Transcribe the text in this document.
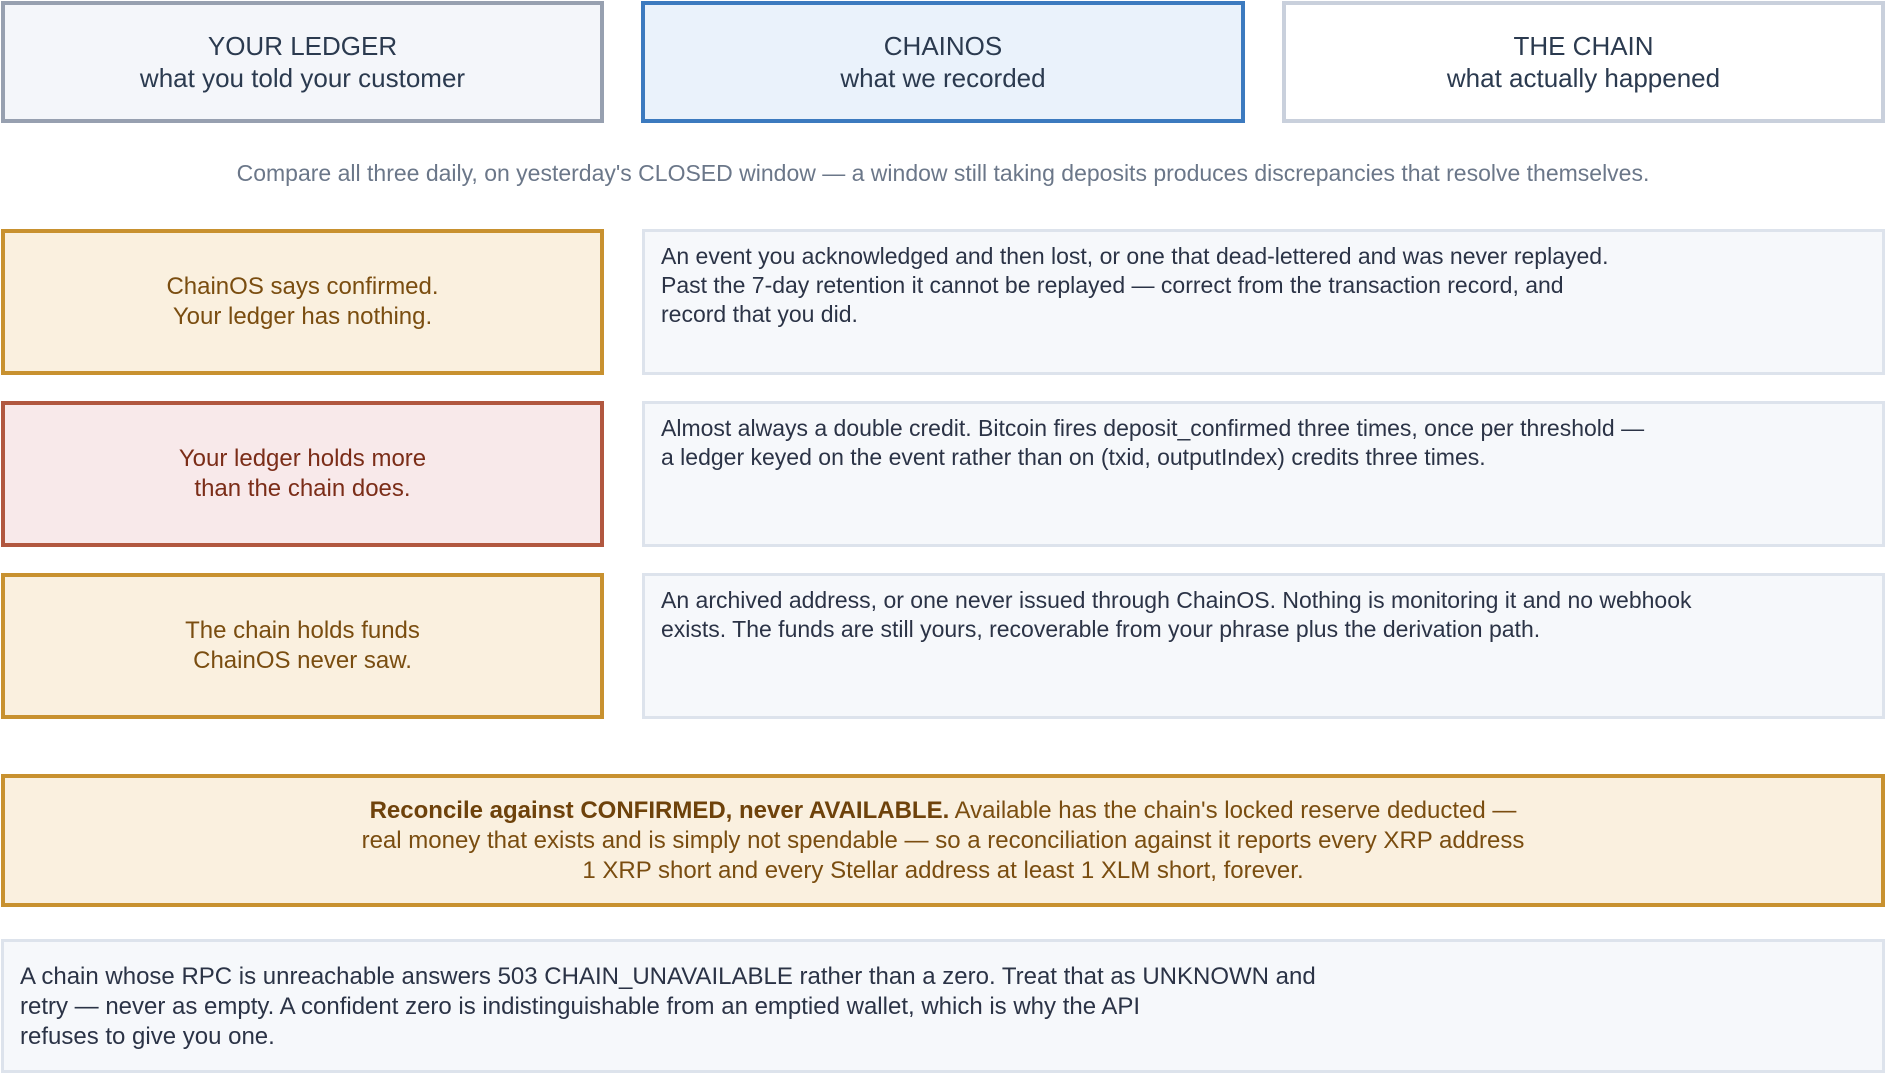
YOUR LEDGER
what you told your customer
CHAINOS
what we recorded
THE CHAIN
what actually happened
Compare all three daily, on yesterday's CLOSED window — a window still taking deposits produces discrepancies that resolve themselves.
ChainOS says confirmed.
Your ledger has nothing.
An event you acknowledged and then lost, or one that dead-lettered and was never replayed.
Past the 7-day retention it cannot be replayed — correct from the transaction record, and
record that you did.
Your ledger holds more
than the chain does.
Almost always a double credit. Bitcoin fires deposit_confirmed three times, once per threshold —
a ledger keyed on the event rather than on (txid, outputIndex) credits three times.
The chain holds funds
ChainOS never saw.
An archived address, or one never issued through ChainOS. Nothing is monitoring it and no webhook
exists. The funds are still yours, recoverable from your phrase plus the derivation path.
Reconcile against CONFIRMED, never AVAILABLE. Available has the chain's locked reserve deducted —
real money that exists and is simply not spendable — so a reconciliation against it reports every XRP address
1 XRP short and every Stellar address at least 1 XLM short, forever.
A chain whose RPC is unreachable answers 503 CHAIN_UNAVAILABLE rather than a zero. Treat that as UNKNOWN and
retry — never as empty. A confident zero is indistinguishable from an emptied wallet, which is why the API
refuses to give you one.
